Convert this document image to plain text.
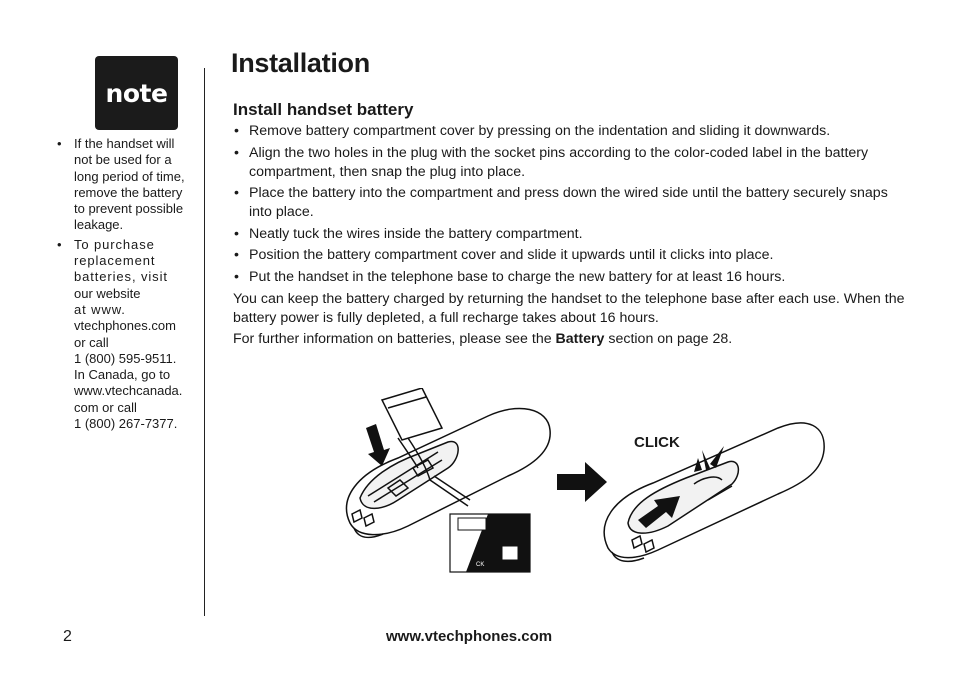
note
• If the handset will
not be used for a
long period of time,
remove the battery
to prevent possible
leakage.
• To purchase
replacement
batteries, visit
our website
at www.
vtechphones.com
or call
1 (800) 595-9511.
In Canada, go to
www.vtechcanada.
com or call
1 (800) 267-7377.
Installation
Install handset battery
• Remove battery compartment cover by pressing on the indentation and sliding it downwards.
• Align the two holes in the plug with the socket pins according to the color-coded label in the battery compartment, then snap the plug into place.
• Place the battery into the compartment and press down the wired side until the battery securely snaps into place.
• Neatly tuck the wires inside the battery compartment.
• Position the battery compartment cover and slide it upwards until it clicks into place.
• Put the handset in the telephone base to charge the new battery for at least 16 hours.

You can keep the battery charged by returning the handset to the telephone base after each use. When the battery power is fully depleted, a full recharge takes about 16 hours.

For further information on batteries, please see the Battery section on page 28.

CK
CLICK
2	www.vtechphones.com
